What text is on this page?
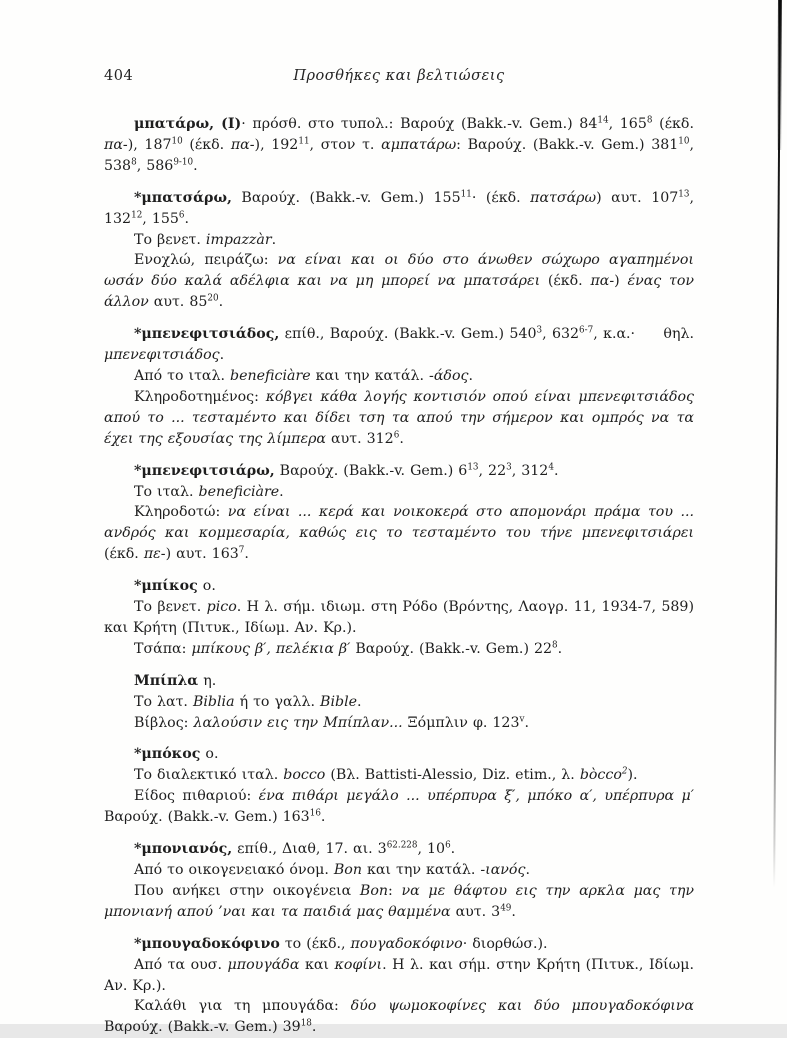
404	Προσθήκες και βελτιώσεις

μπατάρω, (Ι)· πρόσθ. στο τυπολ.: Βαρούχ (Bakk.-v. Gem.) $84^{14}$, $165^8$ (έκδ. πα-), $187^{10}$ (έκδ. πα-), $192^{11}$, στον τ. αμπατάρω: Βαρούχ. (Bakk.-v. Gem.) $381^{10}$, $538^8$, 586$^{9-10}$.

*μπατσάρω, Βαρούχ. (Bakk.-v. Gem.) $155^{11}\cdot (έ\kappa\delta$. πατσάρω) αυτ. $107^{13}$, $132^{12}$, $155^6$.

Το βενετ. impazzàr.

Ενοχλώ, πειράζω: να είναι και οι δύο στο άνωθεν σώχωρο αγαπημένοι ωσάν δύο καλά αδέλφια και να μη μπορεί να μπατσάρει (έκδ. πα-) ένας τον άλλον αυτ. $85^{20}$.

*μπενεφιτσιάδος, επίθ., Βαρούχ. (Bakk.-v. Gem.) $540^3$, 632$^{6-7}$, κ.α.·  θηλ. μπενεφιτσιάδος.

Από το ιταλ. beneficiàre και την κατάλ. -άδος.

Κληροδοτημένος: κόβγει κάθα λογής κοντισιόν οπού είναι μπενεφιτσιάδος απού το ... τεσταμέντο και δίδει τση τα απού την σήμερον και ομπρός να τα έχει της εξουσίας της λίμπερα αυτ. $312^6$.

*μπενεφιτσιάρω, Βαρούχ. (Bakk.-v. Gem.) $6^{13}$, $22^3$, $312^4$.

Το ιταλ. beneficiàre.

Κληροδοτώ: να είναι ... κερά και νοικοκερά στο απομονάρι πράμα του ... ανδρός και κομμεσαρία, καθώς εις το τεσταμέντο του τήνε μπενεφιτσιάρει (έκδ. πε-) αυτ. $163^7$.

*μπίκος ο.

Το βενετ. pico. Η λ. σήμ. ιδιωμ. στη Ρόδο (Βρόντης, Λαογρ. 11, 1934-7, 589) και Κρήτη (Πιτυκ., Ιδίωμ. Αν. Κρ.).

Τσάπα: μπίκους β′, πελέκια β′ Βαρούχ. (Bakk.-v. Gem.) $22^8$.

Μπίπλα η.

Το λατ. Biblia ή το γαλλ. Bible.

Βίβλος: λαλούσιν εις την Μπίπλαν... Ξόμπλιν φ. 123$^v$.

*μπόκος ο.

Το διαλεκτικό ιταλ. bocco (Βλ. Battisti-Alessio, Diz. etim., λ. bòcco$^2$).

Είδος πιθαριού: ένα πιθάρι μεγάλο ... υπέρπυρα ξ′, μπόκο α′, υπέρπυρα μ′ Βαρούχ. (Bakk.-v. Gem.) $163^{16}$.

*μπονιανός, επίθ., Διαθ, 17. αι. $3^{62.228}$, $10^6$.

Από το οικογενειακό όνομ. Bon και την κατάλ. -ιανός.

Που ανήκει στην οικογένεια Bon: να με θάφτου εις την αρκλα μας την μπονιανή απού ’ναι και τα παιδιά μας θαμμένα αυτ. $3^{49}$.

*μπουγαδοκόφινο το (έκδ., πουγαδοκόφινο· διορθώσ.).

Από τα ουσ. μπουγάδα και κοφίνι. Η λ. και σήμ. στην Κρήτη (Πιτυκ., Ιδίωμ. Αν. Κρ.).

Καλάθι για τη μπουγάδα: δύο ψωμοκοφίνες και δύο μπουγαδοκόφινα Βαρούχ. (Bakk.-v. Gem.) $39^{18}$.
